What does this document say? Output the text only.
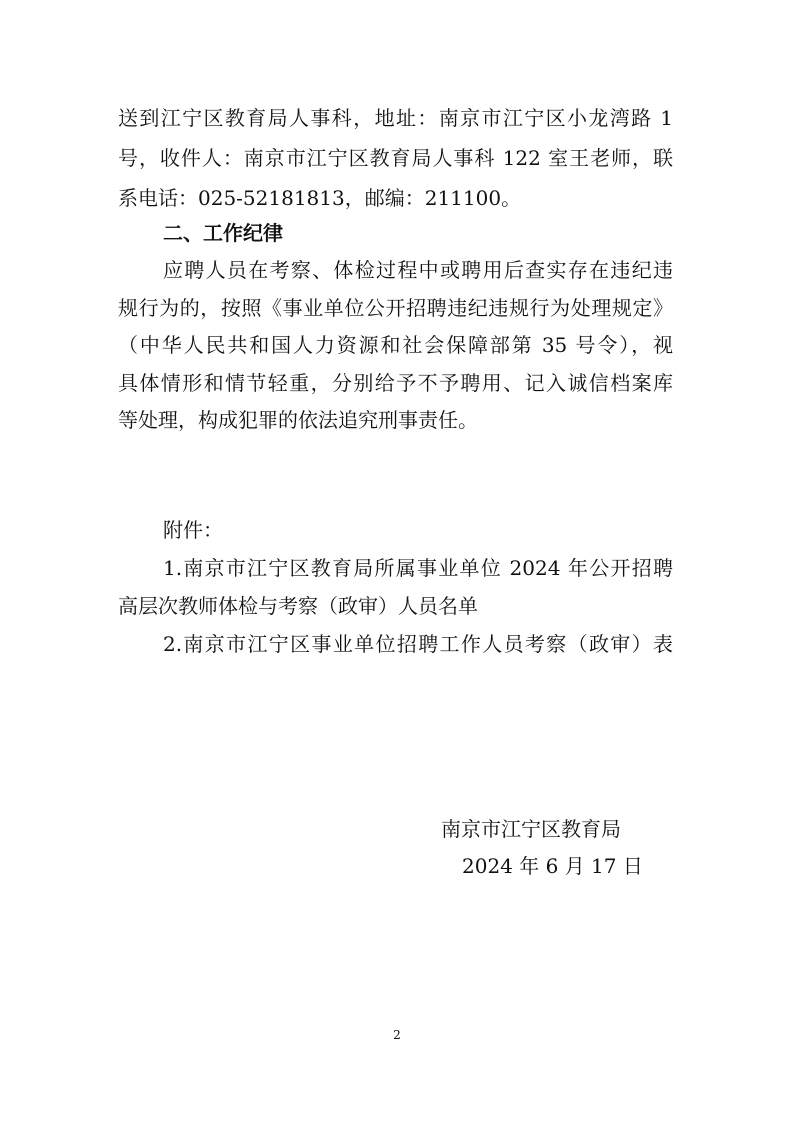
送到江宁区教育局人事科，地址：南京市江宁区小龙湾路 1
号，收件人：南京市江宁区教育局人事科 122 室王老师，联
系电话：025-52181813，邮编：211100。
二、工作纪律
应聘人员在考察、体检过程中或聘用后查实存在违纪违
规行为的，按照《事业单位公开招聘违纪违规行为处理规定》
（中华人民共和国人力资源和社会保障部第 35 号令），视
具体情形和情节轻重，分别给予不予聘用、记入诚信档案库
等处理，构成犯罪的依法追究刑事责任。
附件：
1.南京市江宁区教育局所属事业单位 2024 年公开招聘
高层次教师体检与考察（政审）人员名单
2.南京市江宁区事业单位招聘工作人员考察（政审）表
南京市江宁区教育局
2024 年 6 月 17 日
2
